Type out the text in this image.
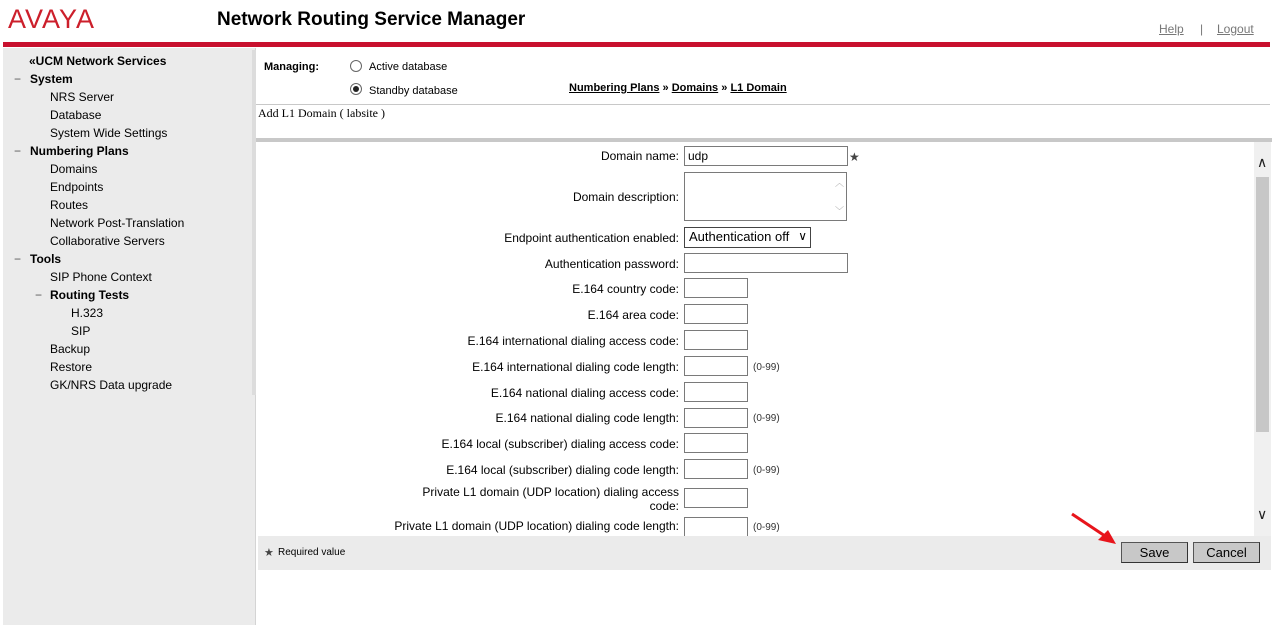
AVAYA	Network Routing Service Manager	Help | Logout
«UCM Network Services
− System
NRS Server
Database
System Wide Settings
− Numbering Plans
Domains
Endpoints
Routes
Network Post-Translation
Collaborative Servers
− Tools
SIP Phone Context
− Routing Tests
H.323
SIP
Backup
Restore
GK/NRS Data upgrade
Managing:	Active database
Standby database	Numbering Plans » Domains » L1 Domain
Add L1 Domain ( labsite )
Domain name:
udp	★
Domain description:
︿
﹀
Endpoint authentication enabled: Authentication off ∨
Authentication password:
E.164 country code:
E.164 area code:
E.164 international dialing access code:
E.164 international dialing code length:	(0-99)
E.164 national dialing access code:
E.164 national dialing code length:	(0-99)
E.164 local (subscriber) dialing access code:
E.164 local (subscriber) dialing code length:	(0-99)
Private L1 domain (UDP location) dialing access
code:
Private L1 domain (UDP location) dialing code length:	(0-99)
∧
∨
★ Required value	Save	Cancel
